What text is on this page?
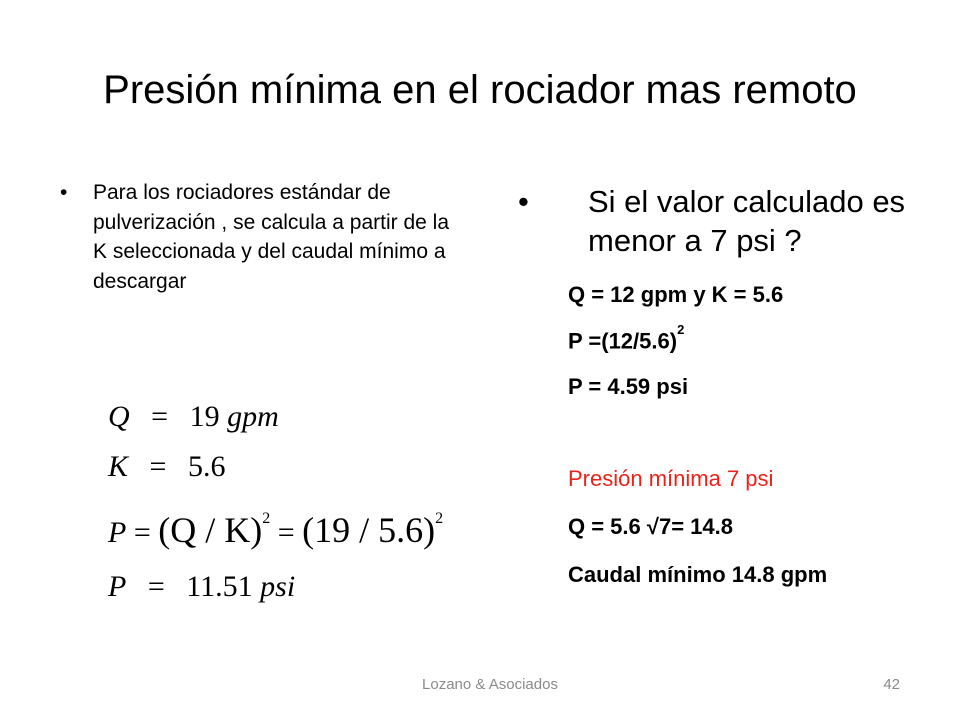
Presión mínima en el rociador mas remoto
• Para los rociadores estándar de pulverización , se calcula a partir de la K seleccionada y del caudal mínimo a descargar
Q = 19 gpm
K = 5.6
P = (Q / K)$^2$ = (19 / 5.6)$^2$
P = 11.51 psi
• Si el valor calculado es menor a 7 psi ?
Q = 12 gpm y K = 5.6
$P =(12/5.6)^2$
P = 4.59 psi
Presión mínima 7 psi
Q = 5.6 √7= 14.8
Caudal mínimo 14.8 gpm
Lozano & Asociados	42
